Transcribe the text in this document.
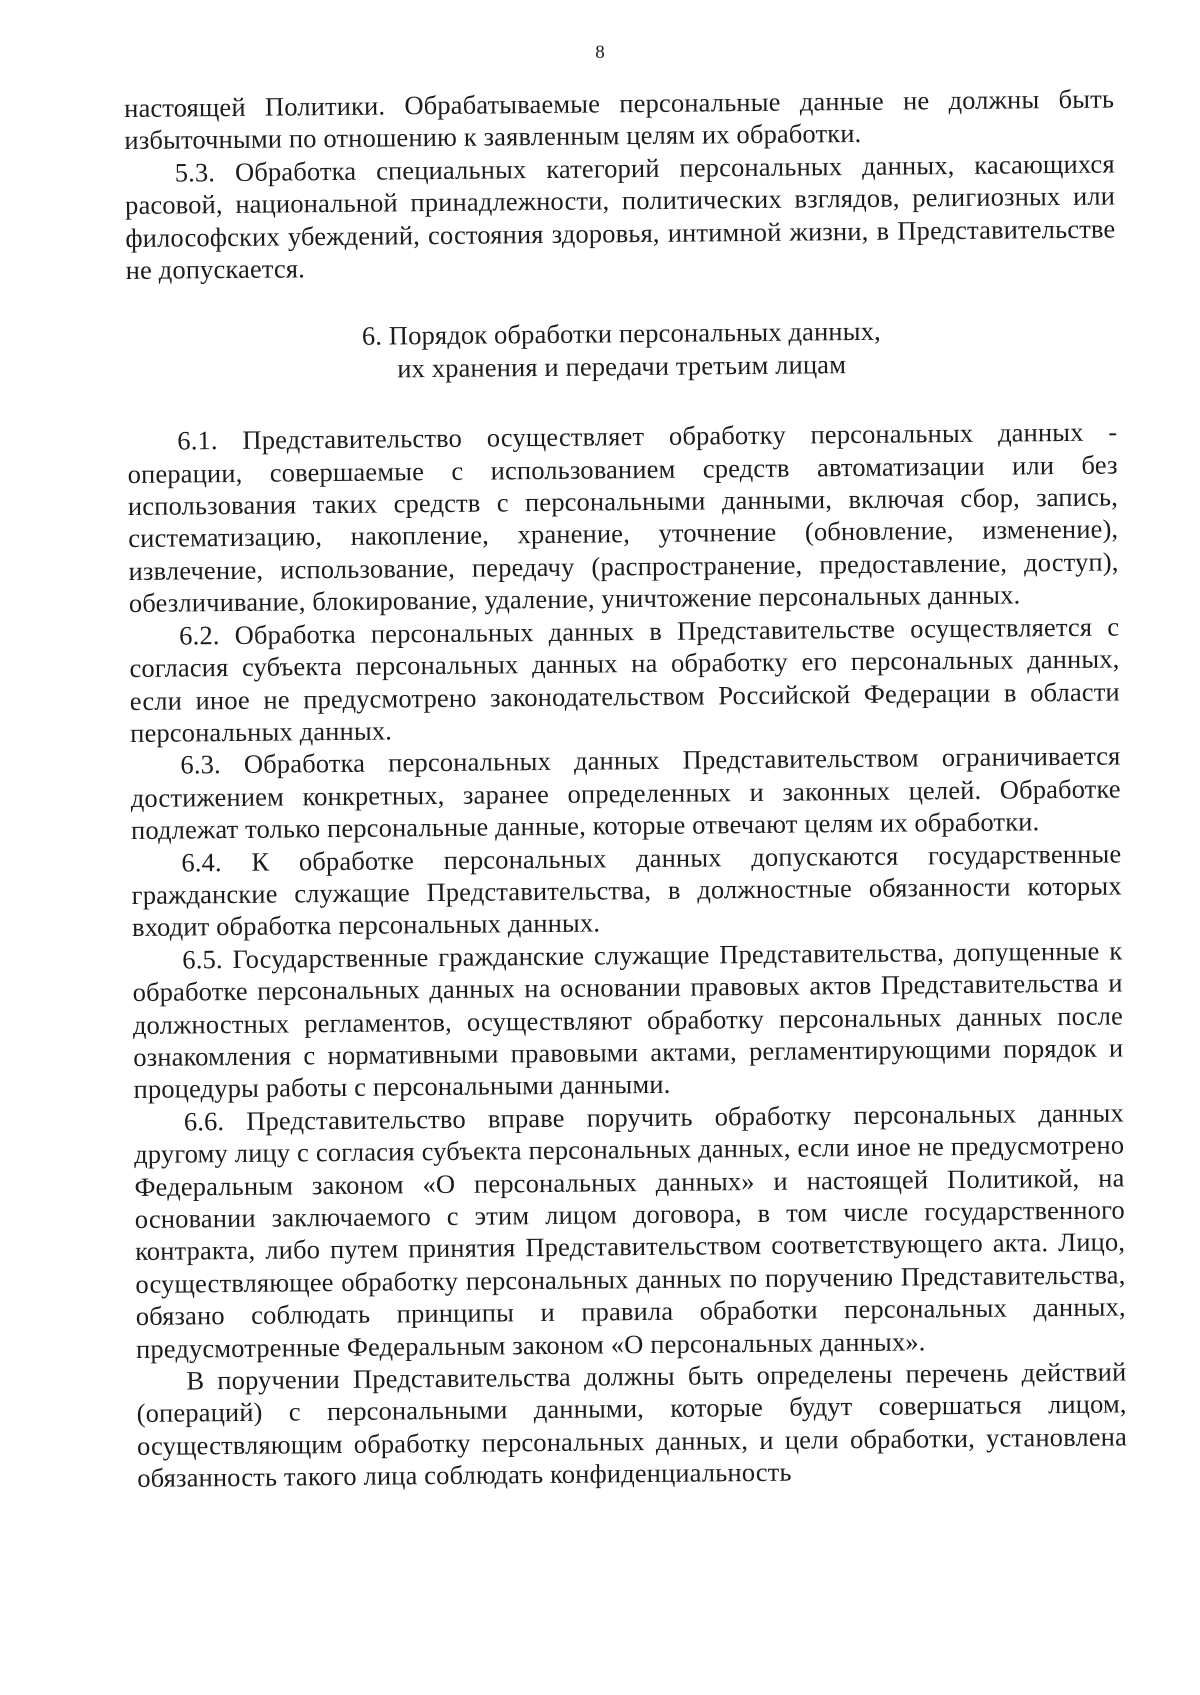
8

настоящей Политики. Обрабатываемые персональные данные не должны быть избыточными по отношению к заявленным целям их обработки.

5.3. Обработка специальных категорий персональных данных, касающихся расовой, национальной принадлежности, политических взглядов, религиозных или философских убеждений, состояния здоровья, интимной жизни, в Представительстве не допускается.

6. Порядок обработки персональных данных,
их хранения и передачи третьим лицам

6.1. Представительство осуществляет обработку персональных данных - операции, совершаемые с использованием средств автоматизации или без использования таких средств с персональными данными, включая сбор, запись, систематизацию, накопление, хранение, уточнение (обновление, изменение), извлечение, использование, передачу (распространение, предоставление, доступ), обезличивание, блокирование, удаление, уничтожение персональных данных.

6.2. Обработка персональных данных в Представительстве осуществляется с согласия субъекта персональных данных на обработку его персональных данных, если иное не предусмотрено законодательством Российской Федерации в области персональных данных.

6.3. Обработка персональных данных Представительством ограничивается достижением конкретных, заранее определенных и законных целей. Обработке подлежат только персональные данные, которые отвечают целям их обработки.

6.4. К обработке персональных данных допускаются государственные гражданские служащие Представительства, в должностные обязанности которых входит обработка персональных данных.

6.5. Государственные гражданские служащие Представительства, допущенные к обработке персональных данных на основании правовых актов Представительства и должностных регламентов, осуществляют обработку персональных данных после ознакомления с нормативными правовыми актами, регламентирующими порядок и процедуры работы с персональными данными.

6.6. Представительство вправе поручить обработку персональных данных другому лицу с согласия субъекта персональных данных, если иное не предусмотрено Федеральным законом «О персональных данных» и настоящей Политикой, на основании заключаемого с этим лицом договора, в том числе государственного контракта, либо путем принятия Представительством соответствующего акта. Лицо, осуществляющее обработку персональных данных по поручению Представительства, обязано соблюдать принципы и правила обработки персональных данных, предусмотренные Федеральным законом «О персональных данных».

В поручении Представительства должны быть определены перечень действий (операций) с персональными данными, которые будут совершаться лицом, осуществляющим обработку персональных данных, и цели обработки, установлена обязанность такого лица соблюдать конфиденциальность
